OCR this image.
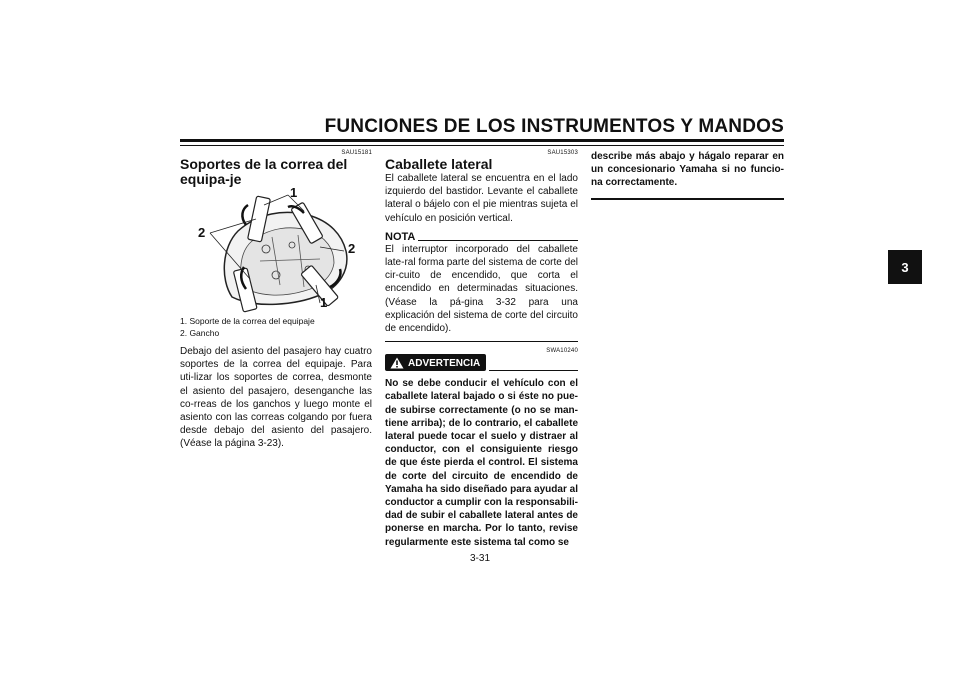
FUNCIONES DE LOS INSTRUMENTOS Y MANDOS
3
SAU15181
Soportes de la correa del equipa-je
1
2
2
1
1. Soporte de la correa del equipaje
2. Gancho

Debajo del asiento del pasajero hay cuatro soportes de la correa del equipaje. Para uti-lizar los soportes de correa, desmonte el asiento del pasajero, desenganche las co-rreas de los ganchos y luego monte el asiento con las correas colgando por fuera desde debajo del asiento del pasajero. (Véase la página 3-23).

SAU15303
Caballete lateral

El caballete lateral se encuentra en el lado izquierdo del bastidor. Levante el caballete lateral o bájelo con el pie mientras sujeta el vehículo en posición vertical.

NOTA

El interruptor incorporado del caballete late-ral forma parte del sistema de corte del cir-cuito de encendido, que corta el encendido en determinadas situaciones. (Véase la pá-gina 3-32 para una explicación del sistema de corte del circuito de encendido).

SWA10240
ADVERTENCIA

No se debe conducir el vehículo con el caballete lateral bajado o si éste no pue-de subirse correctamente (o no se man-tiene arriba); de lo contrario, el caballete lateral puede tocar el suelo y distraer al conductor, con el consiguiente riesgo de que éste pierda el control. El sistema de corte del circuito de encendido de Yamaha ha sido diseñado para ayudar al conductor a cumplir con la responsabili-dad de subir el caballete lateral antes de ponerse en marcha. Por lo tanto, revise regularmente este sistema tal como se

describe más abajo y hágalo reparar en un concesionario Yamaha si no funcio-na correctamente.

3-31
